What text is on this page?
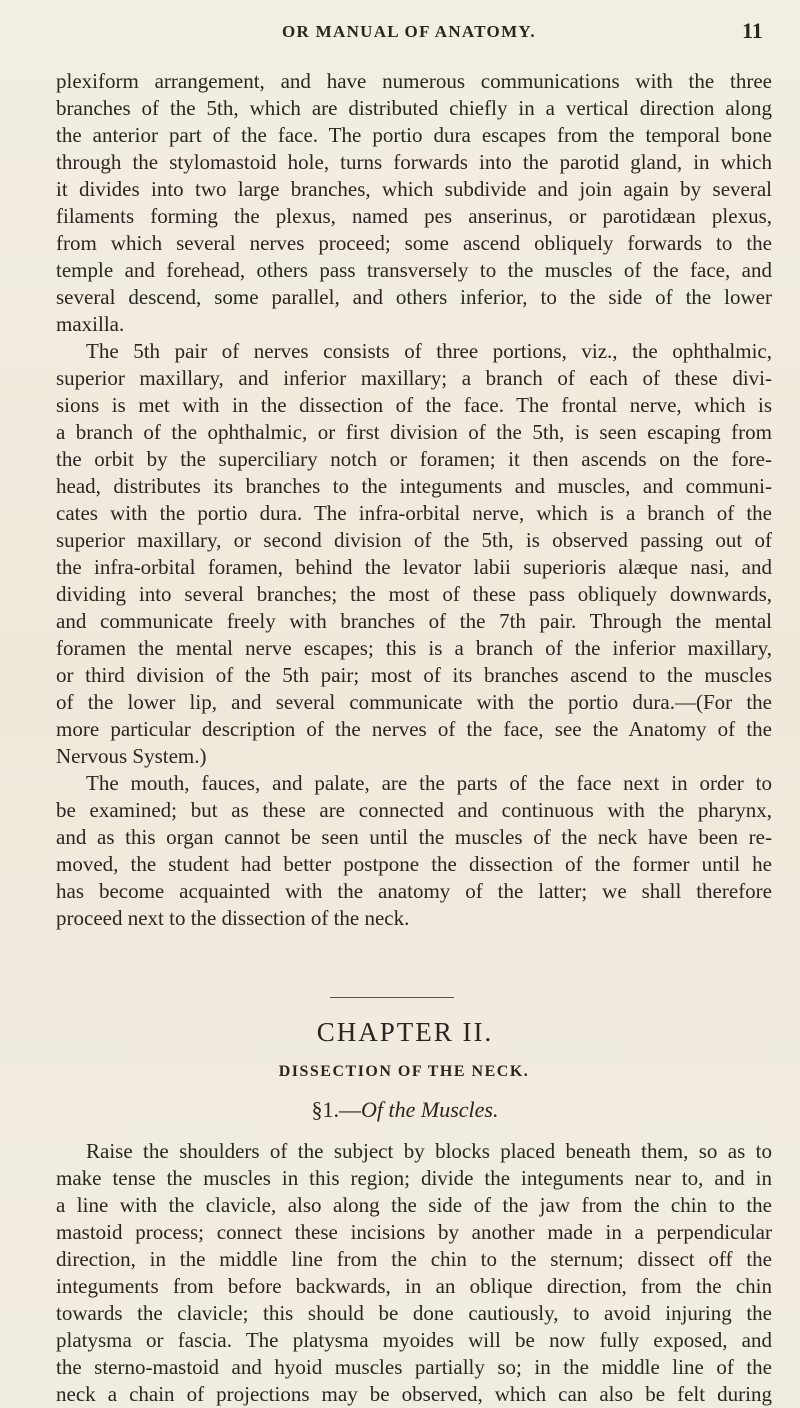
OR MANUAL OF ANATOMY.	11
plexiform arrangement, and have numerous communications with the three
branches of the 5th, which are distributed chiefly in a vertical direction along
the anterior part of the face. The portio dura escapes from the temporal bone
through the stylomastoid hole, turns forwards into the parotid gland, in which
it divides into two large branches, which subdivide and join again by several
filaments forming the plexus, named pes anserinus, or parotidæan plexus,
from which several nerves proceed; some ascend obliquely forwards to the
temple and forehead, others pass transversely to the muscles of the face, and
several descend, some parallel, and others inferior, to the side of the lower
maxilla.
The 5th pair of nerves consists of three portions, viz., the ophthalmic,
superior maxillary, and inferior maxillary; a branch of each of these divi-
sions is met with in the dissection of the face. The frontal nerve, which is
a branch of the ophthalmic, or first division of the 5th, is seen escaping from
the orbit by the superciliary notch or foramen; it then ascends on the fore-
head, distributes its branches to the integuments and muscles, and communi-
cates with the portio dura. The infra-orbital nerve, which is a branch of the
superior maxillary, or second division of the 5th, is observed passing out of
the infra-orbital foramen, behind the levator labii superioris alæque nasi, and
dividing into several branches; the most of these pass obliquely downwards,
and communicate freely with branches of the 7th pair. Through the mental
foramen the mental nerve escapes; this is a branch of the inferior maxillary,
or third division of the 5th pair; most of its branches ascend to the muscles
of the lower lip, and several communicate with the portio dura.—(For the
more particular description of the nerves of the face, see the Anatomy of the
Nervous System.)
The mouth, fauces, and palate, are the parts of the face next in order to
be examined; but as these are connected and continuous with the pharynx,
and as this organ cannot be seen until the muscles of the neck have been re-
moved, the student had better postpone the dissection of the former until he
has become acquainted with the anatomy of the latter; we shall therefore
proceed next to the dissection of the neck.
CHAPTER II.
DISSECTION OF THE NECK.
§1.—Of the Muscles.
Raise the shoulders of the subject by blocks placed beneath them, so as to
make tense the muscles in this region; divide the integuments near to, and in
a line with the clavicle, also along the side of the jaw from the chin to the
mastoid process; connect these incisions by another made in a perpendicular
direction, in the middle line from the chin to the sternum; dissect off the
integuments from before backwards, in an oblique direction, from the chin
towards the clavicle; this should be done cautiously, to avoid injuring the
platysma or fascia. The platysma myoides will be now fully exposed, and
the sterno-mastoid and hyoid muscles partially so; in the middle line of the
neck a chain of projections may be observed, which can also be felt during
